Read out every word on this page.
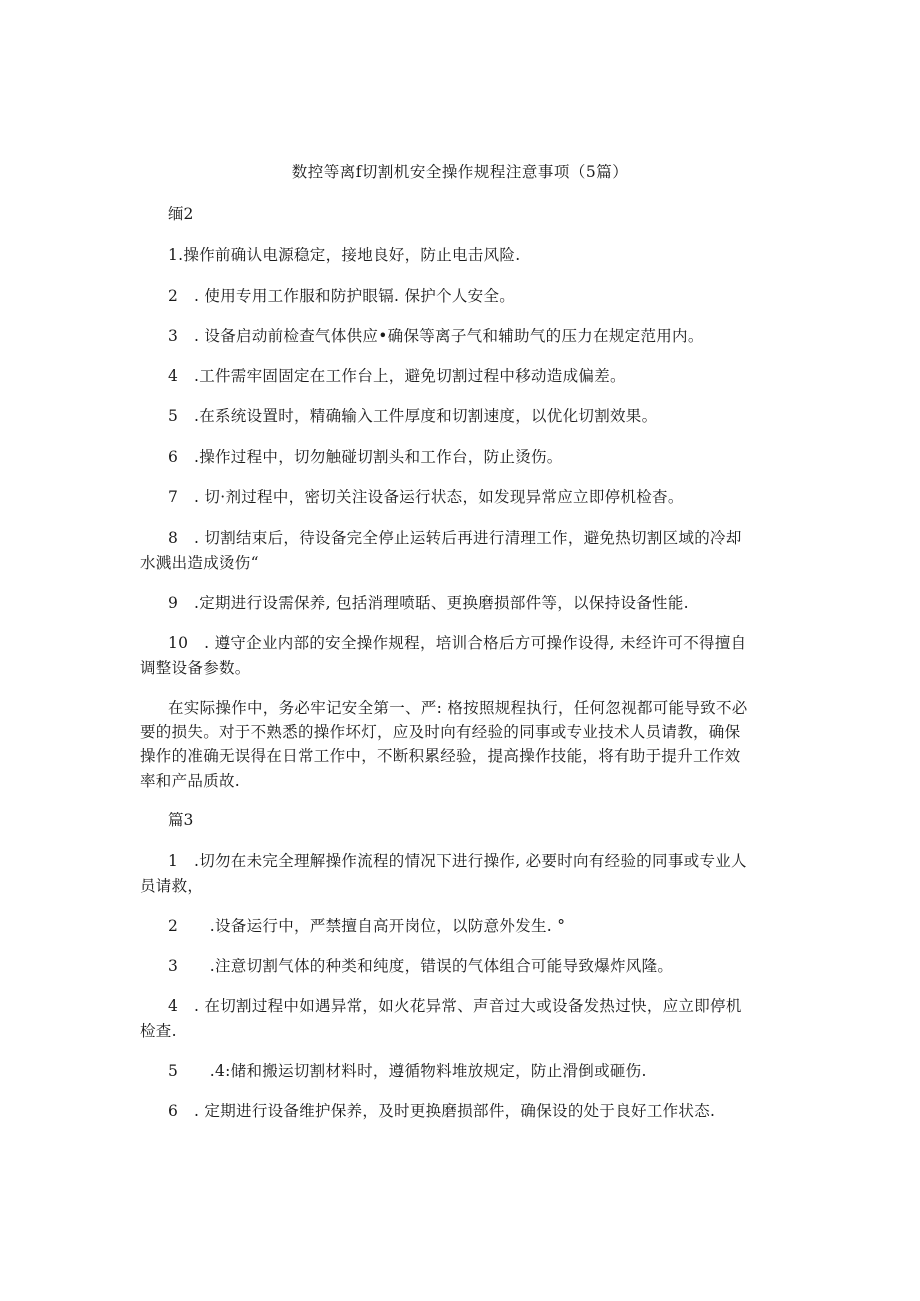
数控等离f切割机安全操作规程注意事项（5篇）
缅2
1.操作前确认电源稳定，接地良好，防止电击风险.
2　. 使用专用工作服和防护眼镉. 保护个人安全。
3　. 设备启动前检查气体供应•确保等离子气和辅助气的压力在规定范用内。
4　.工件需牢固固定在工作台上，避免切割过程中移动造成偏差。
5　.在系统设置时，精确输入工件厚度和切割速度，以优化切割效果。
6　.操作过程中，切勿触碰切割头和工作台，防止烫伤。
7　. 切·剂过程中，密切关注设备运行状态，如发现异常应立即停机检杳。
8　. 切割结束后，待设备完全停止运转后再进行清理工作，避免热切割区域的冷却
水溅出造成烫伤“
9　.定期进行设需保养, 包括消理喷聒、更换磨损部件等，以保持设备性能.
10　. 遵守企业内部的安全操作规程，培训合格后方可操作设得, 未经许可不得擅自
调整设备参数。
在实际操作中，务必牢记安全第一、严: 格按照规程执行，任何忽视都可能导致不必
要的损失。对于不熟悉的操作坏灯，应及时向有经验的同事或专业技术人员请教，确保
操作的准确无误得在日常工作中，不断积累经验，提高操作技能，将有助于提升工作效
率和产品质故.
篇3
1　.切勿在未完全理解操作流程的情况下进行操作, 必要时向有经验的同事或专业人
员请救，
2　　.设备运行中，严禁擅自高开岗位，以防意外发生. °
3　　.注意切割气体的种类和纯度，错误的气体组合可能导致爆炸风隆。
4　. 在切割过程中如遇异常，如火花异常、声音过大或设备发热过快，应立即停机
检查.
5　　.4:储和搬运切割材料时，遵循物料堆放规定，防止滑倒或砸伤.
6　. 定期进行设备维护保养，及时更换磨损部件，确保设的处于良好工作状态.
